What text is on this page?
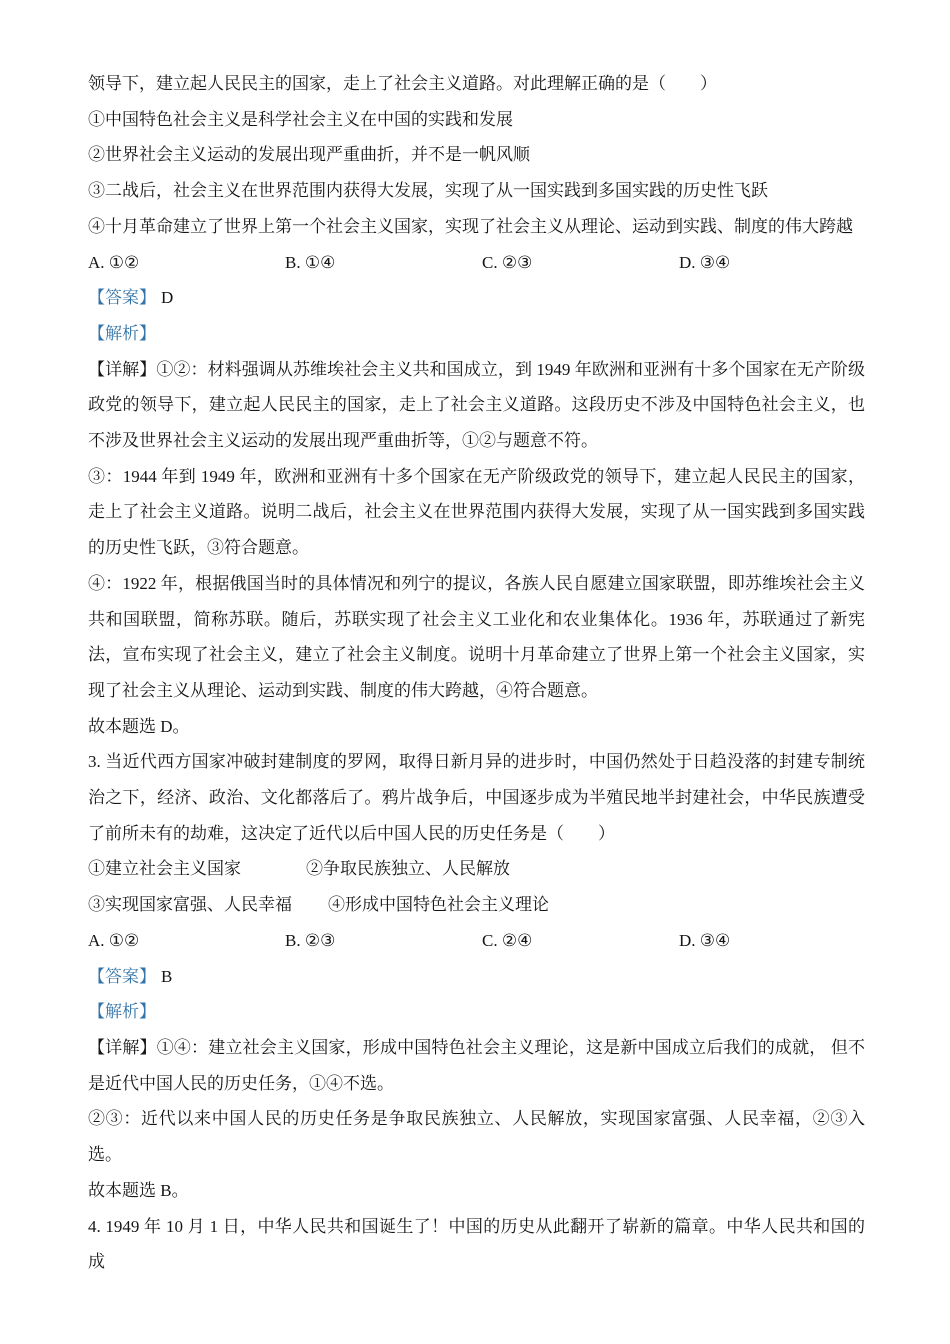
领导下，建立起人民民主的国家，走上了社会主义道路。对此理解正确的是（　　）

①中国特色社会主义是科学社会主义在中国的实践和发展

②世界社会主义运动的发展出现严重曲折，并不是一帆风顺

③二战后，社会主义在世界范围内获得大发展，实现了从一国实践到多国实践的历史性飞跃

④十月革命建立了世界上第一个社会主义国家，实现了社会主义从理论、运动到实践、制度的伟大跨越

A. ①②	B. ①④	C. ②③	D. ③④

【答案】 D

【解析】

【详解】①②：材料强调从苏维埃社会主义共和国成立，到 1949 年欧洲和亚洲有十多个国家在无产阶级政党的领导下，建立起人民民主的国家，走上了社会主义道路。这段历史不涉及中国特色社会主义，也不涉及世界社会主义运动的发展出现严重曲折等，①②与题意不符。

③：1944 年到 1949 年，欧洲和亚洲有十多个国家在无产阶级政党的领导下，建立起人民民主的国家，走上了社会主义道路。说明二战后，社会主义在世界范围内获得大发展，实现了从一国实践到多国实践的历史性飞跃，③符合题意。

④：1922 年，根据俄国当时的具体情况和列宁的提议，各族人民自愿建立国家联盟，即苏维埃社会主义共和国联盟，简称苏联。随后，苏联实现了社会主义工业化和农业集体化。1936 年，苏联通过了新宪法，宣布实现了社会主义，建立了社会主义制度。说明十月革命建立了世界上第一个社会主义国家，实现了社会主义从理论、运动到实践、制度的伟大跨越，④符合题意。

故本题选 D。

3. 当近代西方国家冲破封建制度的罗网，取得日新月异的进步时，中国仍然处于日趋没落的封建专制统治之下，经济、政治、文化都落后了。鸦片战争后，中国逐步成为半殖民地半封建社会，中华民族遭受了前所未有的劫难，这决定了近代以后中国人民的历史任务是（　　）

①建立社会主义国家	②争取民族独立、人民解放

③实现国家富强、人民幸福 ④形成中国特色社会主义理论

A. ①②	B. ②③	C. ②④	D. ③④

【答案】 B

【解析】

【详解】①④：建立社会主义国家，形成中国特色社会主义理论，这是新中国成立后我们的成就， 但不是近代中国人民的历史任务，①④不选。

②③：近代以来中国人民的历史任务是争取民族独立、人民解放，实现国家富强、人民幸福，②③入选。

故本题选 B。

4. 1949 年 10 月 1 日，中华人民共和国诞生了！中国的历史从此翻开了崭新的篇章。中华人民共和国的成
